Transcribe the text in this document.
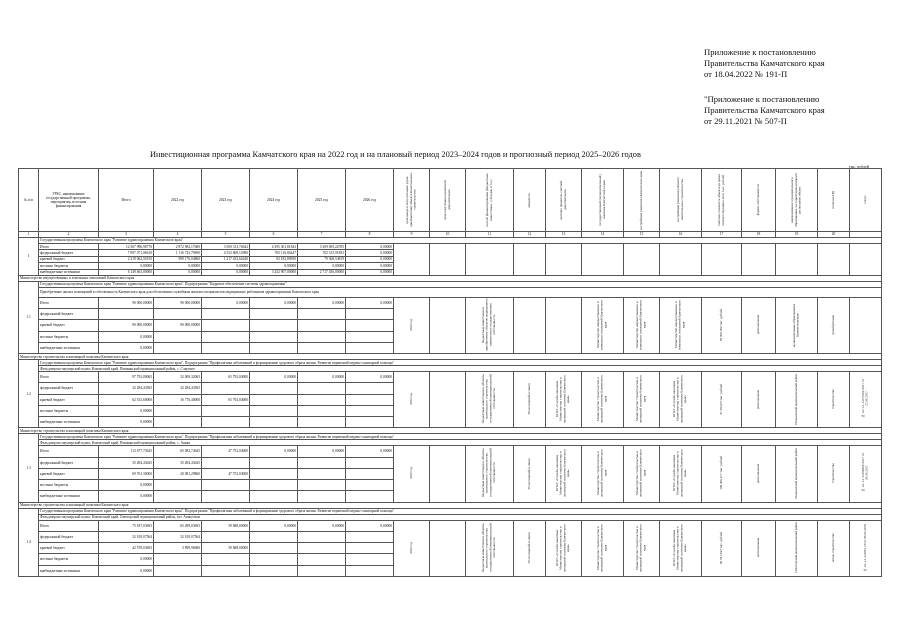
Приложение к постановлению
Правительства Камчатского края
от 18.04.2022 № 191-П
"Приложение к постановлению
Правительства Камчатского края
от 29.11.2021 № 507-П
Инвестиционная программа Камчатского края на 2022 год и на плановый период 2023–2024 годов и прогнозный период 2025–2026 годов
тыс. рублей
№ п/п	ГРБС, наименование государственной программы, мероприятия, источник финансирования	Итого	2022 год	2023 год	2024 год	2025 год	2026 год	срок ввода в эксплуатацию (срок приобретения) объекта Капитального строительства	срок подготовки проектной документации	способ финансирования (бюджетные инвестиции, субсидия и т.п.)	мощность	наличие проектно-сметной документации	государственный (муниципальный) заказчик Камчатского края	застройщик (заказчик) Камчатского края	застройщик (заказчик) объекта капитального строительства	сметная стоимость объекта (в ценах соответствующих лет), тыс. рублей	форма собственности	наименование муниципального образования, на территории которого расположен объект	наличие ПД	статус

1	2	3	4	5	6	7	8	9	10	11	12	13	14	15	16	17	18	19	20		
1	Государственная программа Камчатского края "Развитие здравоохранения Камчатского края"																				
	Итого	12 567 996,98770	2 872 982,17680	3 500 313,74642	4 395 301,81843	3 309 695,24785	0,00000														
	федеральный бюджет	7 097 071,06610	1 116 723,79690	4 532 868,12986	765 116,84447	702 315,91853	0,00000														
	краевой бюджет	2 319 062,50150	999 176,04860	1 217 433,62640	83 182,89050	79 368,54819	0,00000														
	местные бюджеты	0,00000	0,00000	0,00000	0,00000	0,00000	0,00000														
	внебюджетные источники	6 149 663,00000	0,00000	0,00000	3 432 907,00000	2 717 456,00000	0,00000														
Министерство имущественных и земельных отношений Камчатского края																					
1.1	Государственная программа Камчатского края "Развитие здравоохранения Камчатского края". Подпрограмма "Кадровое обеспечение системы здравоохранения"																				
	Приобретение жилых помещений в собственность Камчатского края для обеспечения служебным жильем специалистов медицинских работников здравоохранения Камчатского края																				
	Итого	90 000,00000	90 000,00000	0,00000	0,00000	0,00000	0,00000	2022 год		бюджетные инвестиции в приобретение объектов недвижимого имущества в государственную собственность			Министерство имущественных и земельных отношений Камчатского края	Министерство имущественных и земельных отношений Камчатского края	Министерство имущественных и земельных отношений Камчатского края	95 000 000 тыс. рублей	региональная	муниципальные образования в Камчатском крае	приобретение		
	федеральный бюджет																				
	краевой бюджет	90 000,00000	90 000,00000																		
	местные бюджеты	0,00000																			
	внебюджетные источники	0,00000																			
Министерство строительства и жилищной политики Камчатского края																					
1.2	Государственная программа Камчатского края "Развитие здравоохранения Камчатского края". Подпрограмма "Профилактика заболеваний и формирование здорового образа жизни. Развитие первичной медико-санитарной помощи"																				
	Фельдшерско-акушерский пункт, Камчатский край, Пенжинский муниципальный район, с. Слаутное																				
	Итого	97 792,00065	32 000,32065	65 792,04000	0,00000	0,00000	0,00000	2022 год		бюджетные инвестиции в объекты капитального строительства государственной (муниципальной) собственности	38 посещений в смену	КГКУ «Служба заказчика Министерства строительства и жилищной политики Камчатского края»	Министерство строительства и жилищной политики Камчатского края	Министерство строительства и жилищной политики Камчатского края	КГКУ «Служба заказчика Министерства строительства и жилищной политики Камчатского края»	97 492,05 тыс. рублей	региональная	Пенжинский муниципальный район	строительство	№ 41-1-1-3-070102-2017 от 27.06.2017	
	федеральный бюджет	32 284,43565	32 284,43565																		
	краевой бюджет	62 533,60000	16 776,40000	65 792,04000																	
	местные бюджеты	0,00000																			
	внебюджетные источники	0,00000																			
Министерство строительства и жилищной политики Камчатского края																					
1.3	Государственная программа Камчатского края "Развитие здравоохранения Камчатского края". Подпрограмма "Профилактика заболеваний и формирование здорового образа жизни. Развитие первичной медико-санитарной помощи"																				
	Фельдшерско-акушерский пункт, Камчатский край, Пенжинский муниципальный район, с. Аянка																				
	Итого	113 677,73645	65 082,74645	47 752,04000	0,00000	0,00000	0,00000	2022 год		бюджетные инвестиции в объекты капитального строительства государственной (муниципальной) собственности	25 посещений в смену	КГКУ «Служба заказчика Министерства строительства и жилищной политики Камчатского края»	Министерство строительства и жилищной политики Камчатского края	Министерство строительства и жилищной политики Камчатского края	КГКУ «Служба заказчика Министерства строительства и жилищной политики Камчатского края»	108 406,277 тыс. рублей	региональная	Пенжинский муниципальный район	строительство	№ 41-1-1-3-069862-2017 от 29.06.2017	
	федеральный бюджет	35 284,43645	35 284,43645																		
	краевой бюджет	69 761,30000	20 081,29860	47 752,04000																	
	местные бюджеты	0,00000																			
	внебюджетные источники	0,00000																			
Министерство строительства и жилищной политики Камчатского края																					
1.4	Государственная программа Камчатского края "Развитие здравоохранения Камчатского края". Подпрограмма "Профилактика заболеваний и формирование здорового образа жизни. Развитие первичной медико-санитарной помощи"																				
	Фельдшерско-акушерский пункт, Камчатский край, Олюторский муниципальный район, пгт. Апапельхи																				
	Итого	75 187,03693	65 499,03693	39 688,00000	0,00000	0,00000	0,00000	2022 год		бюджетные инвестиции в объекты капитального строительства государственной (муниципальной) собственности	20 посещений в смену	КГКУ «Служба заказчика Министерства строительства и жилищной политики Камчатского края»	Министерство строительства и жилищной политики Камчатского края	Министерство строительства и жилищной политики Камчатского края	КГКУ «Служба заказчика Министерства строительства и жилищной политики Камчатского края»	68 521,642 тыс. рублей	региональная	Олюторский муниципальный район	новое строительство	№ 41-1-1-3-0001-18 от 09.02.2018	
	федеральный бюджет	32 109,07564	32 109,07564																		
	краевой бюджет	42 578,03693	3 899,96686	39 688,00000																	
	местные бюджеты	0,00000																			
	внебюджетные источники	0,00000																			
